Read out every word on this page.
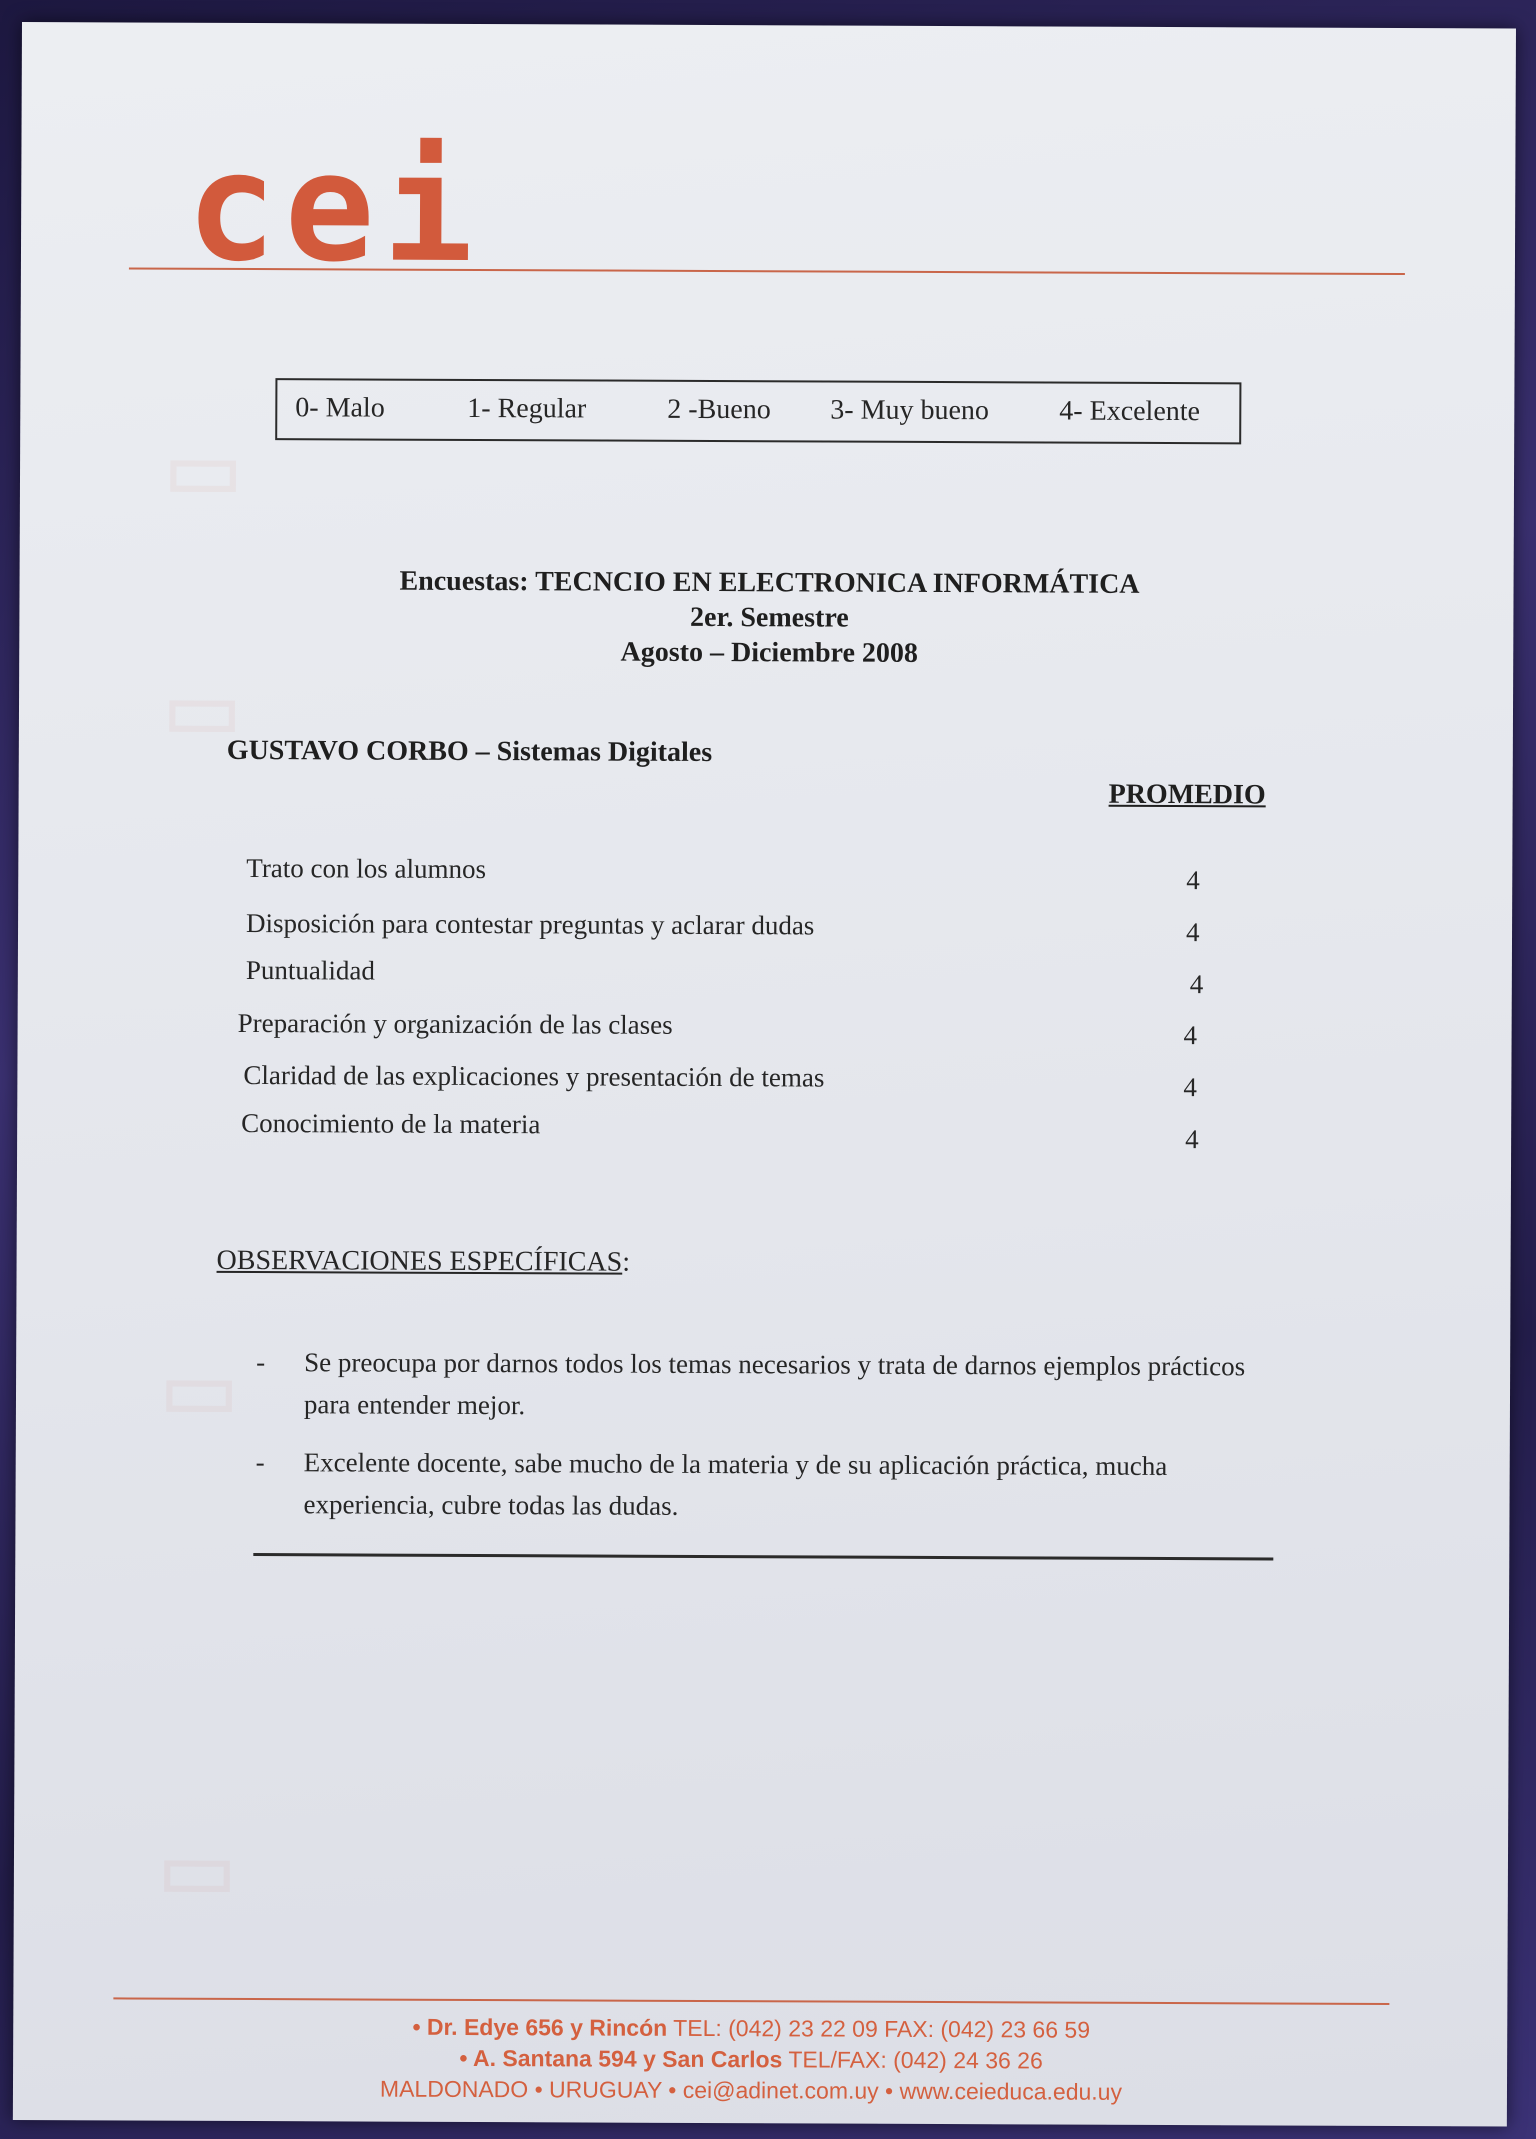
▭
▭
▭
▭
cei
0- Malo	1- Regular	2 -Bueno 3- Muy bueno	4- Excelente
Encuestas: TECNCIO EN ELECTRONICA INFORMÁTICA
2er. Semestre
Agosto – Diciembre 2008
GUSTAVO CORBO – Sistemas Digitales
PROMEDIO
Trato con los alumnos	4
Disposición para contestar preguntas y aclarar dudas	4
Puntualidad	4
Preparación y organización de las clases	4
Claridad de las explicaciones y presentación de temas	4
Conocimiento de la materia	4
OBSERVACIONES ESPECÍFICAS:
- Se preocupa por darnos todos los temas necesarios y trata de darnos ejemplos prácticos para entender mejor.
- Excelente docente, sabe mucho de la materia y de su aplicación práctica, mucha experiencia, cubre todas las dudas.
• Dr. Edye 656 y Rincón TEL: (042) 23 22 09 FAX: (042) 23 66 59
• A. Santana 594 y San Carlos TEL/FAX: (042) 24 36 26
MALDONADO • URUGUAY • cei@adinet.com.uy • www.ceieduca.edu.uy
